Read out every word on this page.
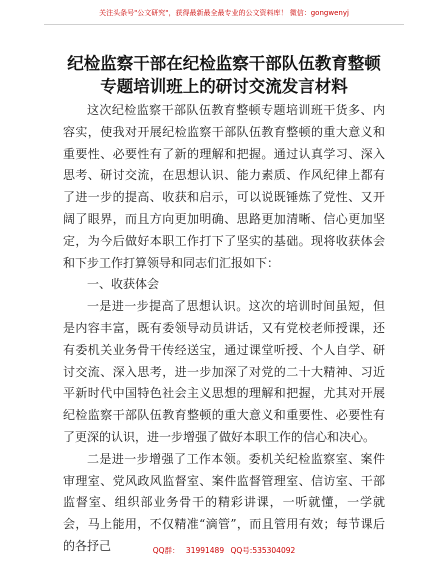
关注头条号"公文研究"，获得最新最全最专业的公文资料库！ 微信：gongwenyj
纪检监察干部在纪检监察干部队伍教育整顿专题培训班上的研讨交流发言材料

这次纪检监察干部队伍教育整顿专题培训班干货多、内容实，使我对开展纪检监察干部队伍教育整顿的重大意义和重要性、必要性有了新的理解和把握。通过认真学习、深入思考、研讨交流，在思想认识、能力素质、作风纪律上都有了进一步的提高、收获和启示，可以说既锤炼了党性、又开阔了眼界，而且方向更加明确、思路更加清晰、信心更加坚定，为今后做好本职工作打下了坚实的基础。现将收获体会和下步工作打算领导和同志们汇报如下：

一、收获体会

一是进一步提高了思想认识。这次的培训时间虽短，但是内容丰富，既有委领导动员讲话，又有党校老师授课，还有委机关业务骨干传经送宝，通过课堂听授、个人自学、研讨交流、深入思考，进一步加深了对党的二十大精神、习近平新时代中国特色社会主义思想的理解和把握，尤其对开展纪检监察干部队伍教育整顿的重大意义和重要性、必要性有了更深的认识，进一步增强了做好本职工作的信心和决心。

二是进一步增强了工作本领。委机关纪检监察室、案件审理室、党风政风监督室、案件监督管理室、信访室、干部监督室、组织部业务骨干的精彩讲课，一听就懂，一学就会，马上能用，不仅精准“滴管”，而且管用有效；每节课后的各抒己	QQ群： 31991489 QQ号:535304092
